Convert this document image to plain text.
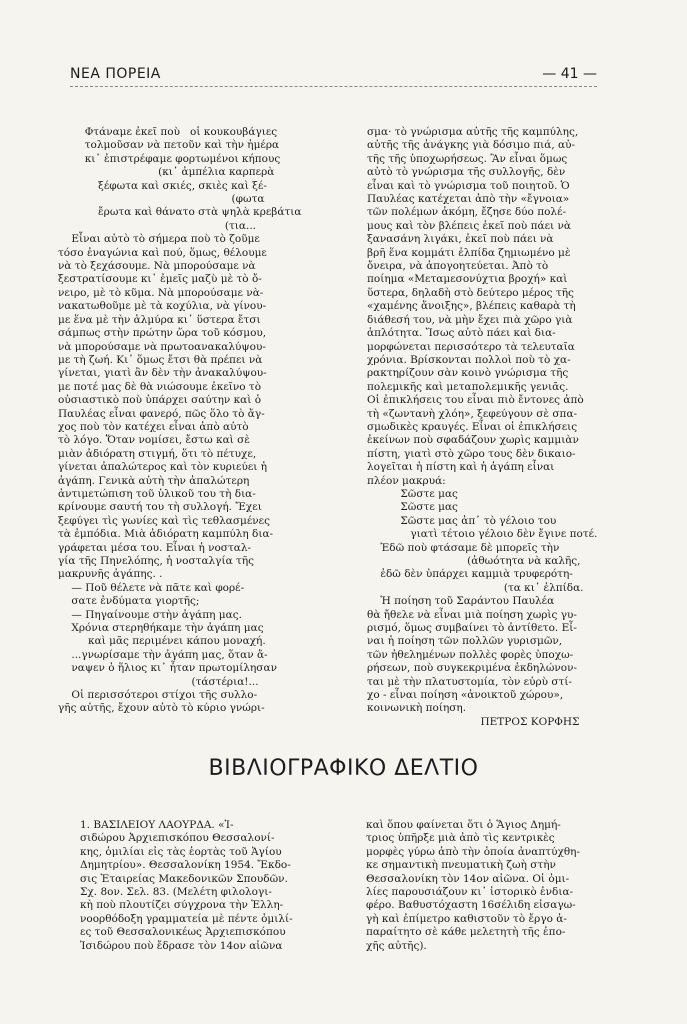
ΝΕΑ ΠΟΡΕΙΑ	— 41 —

Φτάναμε ἐκεῖ ποὺ   οἱ κουκουβάγιες

τολμοῦσαν νὰ πετοῦν καὶ τὴν ἡμέρα

κι᾽ ἐπιστρέφαμε φορτωμένοι κήπους

(κι᾽ ἀμπέλια καρπερὰ

ξέφωτα καὶ σκιές, σκιὲς καὶ ξέ-

(φωτα

ἔρωτα καὶ θάνατο στὰ ψηλὰ κρεβάτια

(τια...

Εἶναι αὐτὸ τὸ σήμερα ποὺ τὸ ζοῦμε

τόσο ἐναγώνια καὶ πού, ὅμως, θέλουμε

νὰ τὸ ξεχάσουμε. Νὰ μπορούσαμε νὰ

ξεστρατίσουμε κι᾽ ἐμεῖς μαζὺ μὲ τὸ ὄ-

νειρο, μὲ τὸ κῦμα. Νὰ μπορούσαμε νὰ-

νακατωθοῦμε μὲ τὰ κοχύλια, νὰ γίνου-

με ἕνα μὲ τὴν ἁλμύρα κι᾽ ὕστερα ἔτσι

σάμπως στὴν πρώτην ὥρα τοῦ κόσμου,

νὰ μπορούσαμε νὰ πρωτοανακαλύψου-

με τὴ ζωή. Κι᾽ ὅμως ἔτσι θὰ πρέπει νὰ

γίνεται, γιατὶ ἂν δὲν τὴν ἀνακαλύψου-

με ποτέ μας δὲ θὰ νιώσουμε ἐκεῖνο τὸ

οὐσιαστικὸ ποὺ ὑπάρχει σαύτην καὶ ὁ

Παυλέας εἶναι φανερό, πῶς ὅλο τὸ ἄγ-

χος ποὺ τὸν κατέχει εἶναι ἀπὸ αὐτὸ

τὸ λόγο. Ὅταν νομίσει, ἔστω καὶ σὲ

μιὰν ἀδιόρατη στιγμή, ὅτι τὸ πέτυχε,

γίνεται ἀπαλώτερος καὶ τὸν κυριεύει ἡ

ἀγάπη. Γενικὰ αὐτὴ τὴν ἀπαλώτερη

ἀντιμετώπιση τοῦ ὑλικοῦ του τὴ δια-

κρίνουμε σαυτή του τὴ συλλογή. Ἔχει

ξεφύγει τὶς γωνίες καὶ τὶς τεθλασμένες

τὰ ἐμπόδια. Μιὰ ἀδιόρατη καμπύλη δια-

γράφεται μέσα του. Εἶναι ἡ νοσταλ-

γία τῆς Πηνελόπης, ἡ νοσταλγία τῆς

μακρυνῆς ἀγάπης. .

— Ποῦ θέλετε νὰ πᾶτε καὶ φορέ-

σατε ἐνδύματα γιορτῆς;

— Πηγαίνουμε στὴν ἀγάπη μας.

Χρόνια στερηθήκαμε τὴν ἀγάπη μας

καὶ μᾶς περιμένει κάπου μοναχή.

...γνωρίσαμε τὴν ἀγάπη μας, ὅταν ἄ-

ναψεν ὁ ἥλιος κι᾽ ἦταν πρωτομίλησαν

(τάστέρια!...

Οἱ περισσότεροι στίχοι τῆς συλλο-

γῆς αὐτῆς, ἔχουν αὐτὸ τὸ κύριο γνώρι-

σμα· τὸ γνώρισμα αὐτῆς τῆς καμπύλης,

αὐτῆς τῆς ἀνάγκης γιὰ δόσιμο πιά, αὐ-

τῆς τῆς ὑποχωρήσεως. Ἂν εἶναι ὅμως

αὐτὸ τὸ γνώρισμα τῆς συλλογῆς, δὲν

εἶναι καὶ τὸ γνώρισμα τοῦ ποιητοῦ. Ὁ

Παυλέας κατέχεται ἀπὸ τὴν «ἔγνοια»

τῶν πολέμων ἀκόμη, ἔζησε δύο πολέ-

μους καὶ τὸν βλέπεις ἐκεῖ ποὺ πάει νὰ

ξανασάνη λιγάκι, ἐκεῖ ποὺ πάει νὰ

βρῆ ἕνα κομμάτι ἐλπίδα ζημιωμένο μὲ

ὄνειρα, νὰ ἀπογοητεύεται. Ἀπὸ τὸ

ποίημα «Μεταμεσονύχτια βροχή» καὶ

ὕστερα, δηλαδὴ στὸ δεύτερο μέρος τῆς

«χαμένης ἄνοιξης», βλέπεις καθαρὰ τὴ

διάθεσή του, νὰ μὴν ἔχει πιὰ χῶρο γιὰ

ἁπλότητα. Ἴσως αὐτὸ πάει καὶ δια-

μορφώνεται περισσότερο τὰ τελευταῖα

χρόνια. Βρίσκονται πολλοὶ ποὺ τὸ χα-

ρακτηρίζουν σὰν κοινὸ γνώρισμα τῆς

πολεμικῆς καὶ μεταπολεμικῆς γενιᾶς.

Οἱ ἐπικλήσεις του εἶναι πιὸ ἔντονες ἀπὸ

τὴ «ζωντανὴ χλόη», ξεφεύγουν σὲ σπα-

σμωδικὲς κραυγές. Εἶναι οἱ ἐπικλήσεις

ἐκείνων ποὺ σφαδάζουν χωρὶς καμμιὰν

πίστη, γιατὶ στὸ χῶρο τους δὲν δικαιο-

λογεῖται ἡ πίστη καὶ ἡ ἀγάπη εἶναι

πλέον μακρυά:

Σῶστε μας

Σῶστε μας

Σῶστε μας ἀπ᾽ τὸ γέλοιο του

γιατὶ τέτοιο γέλοιο δὲν ἔγινε ποτέ.

Ἐδῶ ποὺ φτάσαμε δὲ μπορεῖς τὴν

(ἀθωότητα νὰ καλῆς,

ἐδῶ δὲν ὑπάρχει καμμιὰ τρυφερότη-

(τα κι᾽ ἐλπίδα.

Ἡ ποίηση τοῦ Σαράντου Παυλέα

θὰ ἤθελε νὰ εἶναι μιὰ ποίηση χωρὶς γυ-

ρισμό, ὅμως συμβαίνει τὸ ἀντίθετο. Εἶ-

ναι ἡ ποίηση τῶν πολλῶν γυρισμῶν,

τῶν ἠθελημένων πολλὲς φορὲς ὑποχω-

ρήσεων, ποὺ συγκεκριμένα ἐκδηλώνον-

ται μὲ τὴν πλατυστομία, τὸν εὐρὺ στί-

χο - εἶναι ποίηση «ἀνοικτοῦ χώρου»,

κοινωνικὴ ποίηση.

ΠΕΤΡΟΣ ΚΟΡΦΗΣ

ΒΙΒΛΙΟΓΡΑΦΙΚΟ ΔΕΛΤΙΟ

1. ΒΑΣΙΛΕΙΟΥ ΛΑΟΥΡΔΑ. «Ἰ-

σιδώρου Ἀρχιεπισκόπου Θεσσαλονί-

κης, ὁμιλίαι εἰς τὰς ἑορτὰς τοῦ Ἁγίου

Δημητρίου». Θεσσαλονίκη 1954. Ἔκδο-

σις Ἑταιρείας Μακεδονικῶν Σπουδῶν.

Σχ. 8ον. Σελ. 83. (Μελέτη φιλολογι-

κὴ ποὺ πλουτίζει σύγχρονα τὴν Ἑλλη-

νοορθόδοξη γραμματεία μὲ πέντε ὁμιλί-

ες τοῦ Θεσσαλονικέως Ἀρχιεπισκόπου

Ἰσιδώρου ποὺ ἔδρασε τὸν 14ον αἰῶνα

καὶ ὅπου φαίνεται ὅτι ὁ Ἅγιος Δημή-

τριος ὑπῆρξε μιὰ ἀπὸ τὶς κεντρικὲς

μορφὲς γύρω ἀπὸ τὴν ὁποία ἀναπτύχθη-

κε σημαντικὴ πνευματικὴ ζωὴ στὴν

Θεσσαλονίκη τὸν 14ον αἰῶνα. Οἱ ὁμι-

λίες παρουσιάζουν κι᾽ ἱστορικὸ ἐνδια-

φέρο. Βαθυστόχαστη 16σέλιδη εἰσαγω-

γὴ καὶ ἐπίμετρο καθιστοῦν τὸ ἔργο ἀ-

παραίτητο σὲ κάθε μελετητὴ τῆς ἐπο-

χῆς αὐτῆς).
